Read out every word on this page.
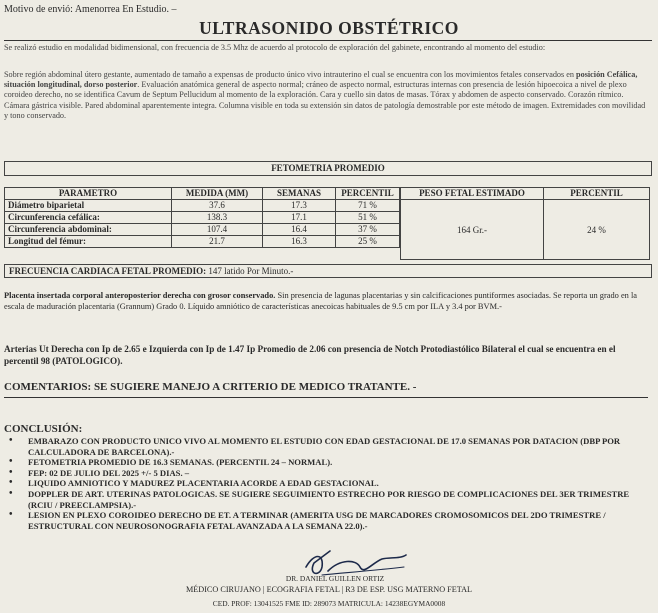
Motivo de envió: Amenorrea En Estudio. –
ULTRASONIDO OBSTÉTRICO
Se realizó estudio en modalidad bidimensional, con frecuencia de 3.5 Mhz de acuerdo al protocolo de exploración del gabinete, encontrando al momento del estudio:
Sobre región abdominal útero gestante, aumentado de tamaño a expensas de producto único vivo intrauterino el cual se encuentra con los movimientos fetales conservados en posición Cefálica, situación longitudinal, dorso posterior. Evaluación anatómica general de aspecto normal; cráneo de aspecto normal, estructuras internas con presencia de lesión hipoecoica a nivel de plexo coroideo derecho, no se identifica Cavum de Septum Pellucidum al momento de la exploración. Cara y cuello sin datos de masas. Tórax y abdomen de aspecto conservado. Corazón rítmico. Cámara gástrica visible. Pared abdominal aparentemente integra. Columna visible en toda su extensión sin datos de patología demostrable por este método de imagen. Extremidades con movilidad y tono conservado.
FETOMETRIA PROMEDIO
PARAMETRO	MEDIDA (MM)	SEMANAS	PERCENTIL
Diámetro biparietal	37.6	17.3	71 %
Circunferencia cefálica:	138.3	17.1	51 %
Circunferencia abdominal:	107.4	16.4	37 %
Longitud del fémur:	21.7	16.3	25 %
PESO FETAL ESTIMADO	PERCENTIL
164 Gr.-	24 %
FRECUENCIA CARDIACA FETAL PROMEDIO: 147 latido Por Minuto.-
Placenta insertada corporal anteroposterior derecha con grosor conservado. Sin presencia de lagunas placentarias y sin calcificaciones puntiformes asociadas. Se reporta un grado en la escala de maduración placentaria (Grannum) Grado 0. Líquido amniótico de características anecoicas habituales de 9.5 cm por ILA y 3.4 por BVM.-
Arterias Ut Derecha con Ip de 2.65 e Izquierda con Ip de 1.47 Ip Promedio de 2.06 con presencia de Notch Protodiastólico Bilateral el cual se encuentra en el percentil 98 (PATOLOGICO).
COMENTARIOS: SE SUGIERE MANEJO A CRITERIO DE MEDICO TRATANTE. -
CONCLUSIÓN:
• EMBARAZO CON PRODUCTO UNICO VIVO AL MOMENTO EL ESTUDIO CON EDAD GESTACIONAL DE 17.0 SEMANAS POR DATACION (DBP POR CALCULADORA DE BARCELONA).-
• FETOMETRIA PROMEDIO DE 16.3 SEMANAS. (PERCENTIL 24 – NORMAL).
• FEP: 02 DE JULIO DEL 2025 +/- 5 DIAS. –
• LIQUIDO AMNIOTICO Y MADUREZ PLACENTARIA ACORDE A EDAD GESTACIONAL.
• DOPPLER DE ART. UTERINAS PATOLOGICAS. SE SUGIERE SEGUIMIENTO ESTRECHO POR RIESGO DE COMPLICACIONES DEL 3ER TRIMESTRE (RCIU / PREECLAMPSIA).-
• LESION EN PLEXO COROIDEO DERECHO DE ET. A TERMINAR (AMERITA USG DE MARCADORES CROMOSOMICOS DEL 2DO TRIMESTRE / ESTRUCTURAL CON NEUROSONOGRAFIA FETAL AVANZADA A LA SEMANA 22.0).-
DR. DANIEL GUILLEN ORTIZ
MÉDICO CIRUJANO | ECOGRAFIA FETAL | R3 DE ESP. USG MATERNO FETAL
CED. PROF: 13041525 FME ID: 289073 MATRICULA: 14238EGYMA0008
